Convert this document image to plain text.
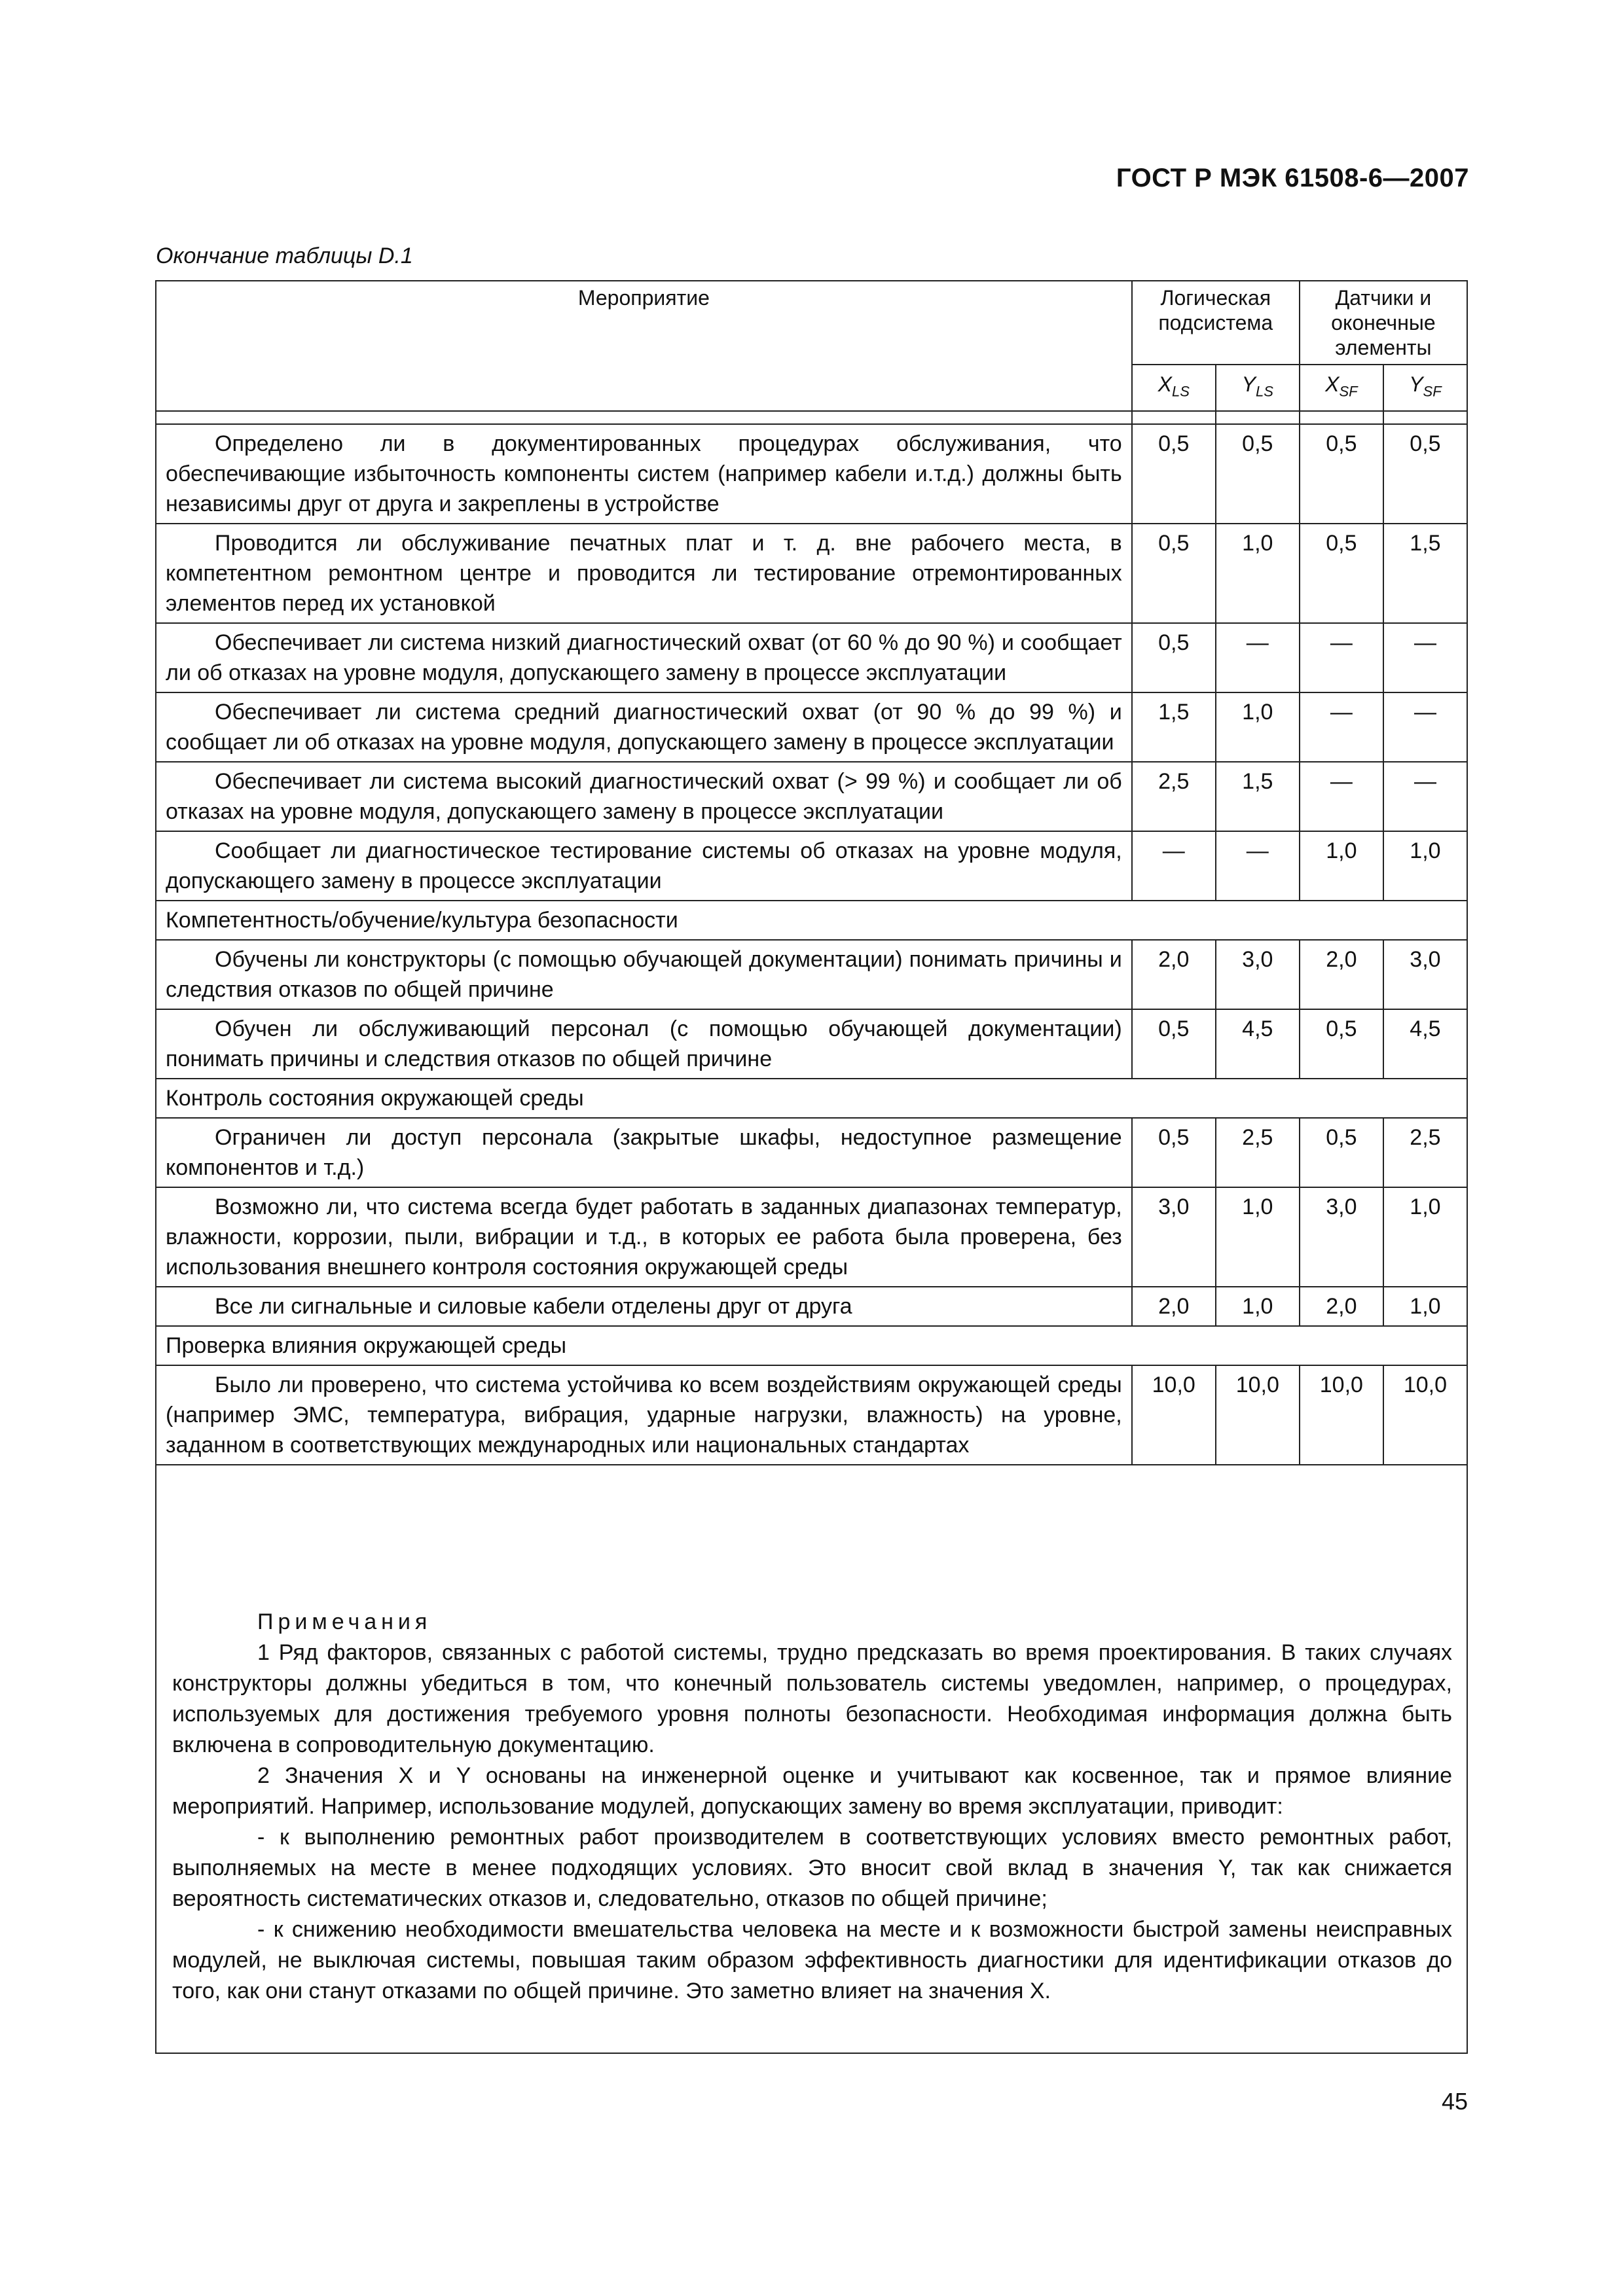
ГОСТ Р МЭК 61508-6—2007
Окончание таблицы D.1
Мероприятие	Логическая подсистема		Датчики и оконечные элементы	
	$X_{LS}$	$Y_{LS}$	$X_{SF}$	$Y_{SF}$

Определено ли в документированных процедурах обслуживания, что обеспечивающие избыточность компоненты систем (например кабели и.т.д.) должны быть независимы друг от друга и закреплены в устройстве	0,5	0,5	0,5	0,5
Проводится ли обслуживание печатных плат и т. д. вне рабочего места, в компетентном ремонтном центре и проводится ли тестирование отремонтированных элементов перед их установкой	0,5	1,0	0,5	1,5
Обеспечивает ли система низкий диагностический охват (от 60 % до 90 %) и сообщает ли об отказах на уровне модуля, допускающего замену в процессе эксплуатации	0,5	—	—	—
Обеспечивает ли система средний диагностический охват (от 90 % до 99 %) и сообщает ли об отказах на уровне модуля, допускающего замену в процессе эксплуатации	1,5	1,0	—	—
Обеспечивает ли система высокий диагностический охват (> 99 %) и сообщает ли об отказах на уровне модуля, допускающего замену в процессе эксплуатации	2,5	1,5	—	—
Сообщает ли диагностическое тестирование системы об отказах на уровне модуля, допускающего замену в процессе эксплуатации	—	—	1,0	1,0
Компетентность/обучение/культура безопасности				
Обучены ли конструкторы (с помощью обучающей документации) понимать причины и следствия отказов по общей причине	2,0	3,0	2,0	3,0
Обучен ли обслуживающий персонал (с помощью обучающей документации) понимать причины и следствия отказов по общей причине	0,5	4,5	0,5	4,5
Контроль состояния окружающей среды				
Ограничен ли доступ персонала (закрытые шкафы, недоступное размещение компонентов и т.д.)	0,5	2,5	0,5	2,5
Возможно ли, что система всегда будет работать в заданных диапазонах температур, влажности, коррозии, пыли, вибрации и т.д., в которых ее работа была проверена, без использования внешнего контроля состояния окружающей среды	3,0	1,0	3,0	1,0
Все ли сигнальные и силовые кабели отделены друг от друга	2,0	1,0	2,0	1,0
Проверка влияния окружающей среды				
Было ли проверено, что система устойчива ко всем воздействиям окружающей среды (например ЭМС, температура, вибрация, ударные нагрузки, влажность) на уровне, заданном в соответствующих международных или национальных стандартах	10,0	10,0	10,0	10,0

Примечания

1 Ряд факторов, связанных с работой системы, трудно предсказать во время проектирования. В таких случаях конструкторы должны убедиться в том, что конечный пользователь системы уведомлен, например, о процедурах, используемых для достижения требуемого уровня полноты безопасности. Необходимая информация должна быть включена в сопроводительную документацию.

2 Значения X и Y основаны на инженерной оценке и учитывают как косвенное, так и прямое влияние мероприятий. Например, использование модулей, допускающих замену во время эксплуатации, приводит:

- к выполнению ремонтных работ производителем в соответствующих условиях вместо ремонтных работ, выполняемых на месте в менее подходящих условиях. Это вносит свой вклад в значения Y, так как снижается вероятность систематических отказов и, следовательно, отказов по общей причине;

- к снижению необходимости вмешательства человека на месте и к возможности быстрой замены неисправных модулей, не выключая системы, повышая таким образом эффективность диагностики для идентификации отказов до того, как они станут отказами по общей причине. Это заметно влияет на значения X.

45
